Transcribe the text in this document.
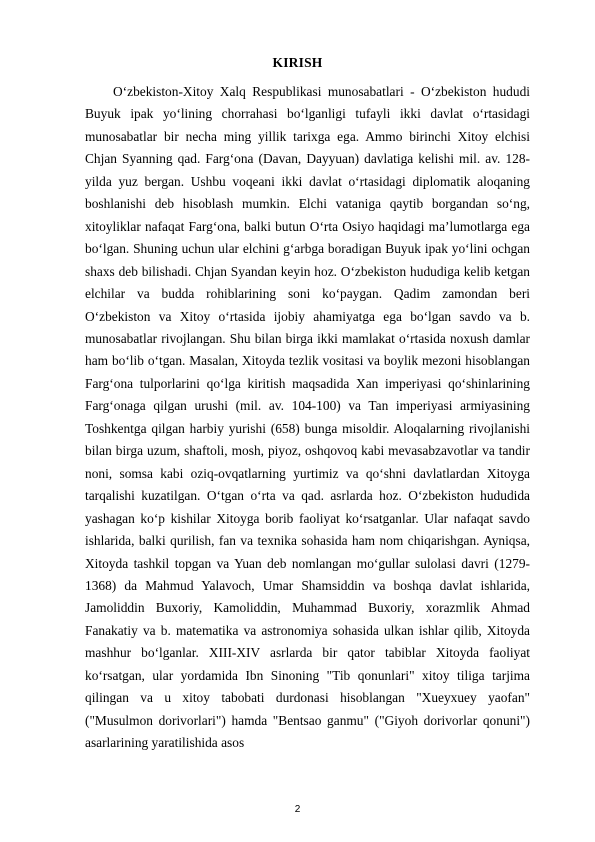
KIRISH

O‘zbekiston-Xitoy Xalq Respublikasi munosabatlari - O‘zbekiston hududi Buyuk ipak yo‘lining chorrahasi bo‘lganligi tufayli ikki davlat o‘rtasidagi munosabatlar bir necha ming yillik tarixga ega. Ammo birinchi Xitoy elchisi Chjan Syanning qad. Farg‘ona (Davan, Dayyuan) davlatiga kelishi mil. av. 128-yilda yuz bergan. Ushbu voqeani ikki davlat o‘rtasidagi diplomatik aloqaning boshlanishi deb hisoblash mumkin. Elchi vataniga qaytib borgandan so‘ng, xitoyliklar nafaqat Farg‘ona, balki butun O‘rta Osiyo haqidagi ma’lumotlarga ega bo‘lgan. Shuning uchun ular elchini g‘arbga boradigan Buyuk ipak yo‘lini ochgan shaxs deb bilishadi. Chjan Syandan keyin hoz. O‘zbekiston hududiga kelib ketgan elchilar va budda rohiblarining soni ko‘paygan. Qadim zamondan beri O‘zbekiston va Xitoy o‘rtasida ijobiy ahamiyatga ega bo‘lgan savdo va b. munosabatlar rivojlangan. Shu bilan birga ikki mamlakat o‘rtasida noxush damlar ham bo‘lib o‘tgan. Masalan, Xitoyda tezlik vositasi va boylik mezoni hisoblangan Farg‘ona tulporlarini qo‘lga kiritish maqsadida Xan imperiyasi qo‘shinlarining Farg‘onaga qilgan urushi (mil. av. 104-100) va Tan imperiyasi armiyasining Toshkentga qilgan harbiy yurishi (658) bunga misoldir. Aloqalarning rivojlanishi bilan birga uzum, shaftoli, mosh, piyoz, oshqovoq kabi mevasabzavotlar va tandir noni, somsa kabi oziq-ovqatlarning yurtimiz va qo‘shni davlatlardan Xitoyga tarqalishi kuzatilgan. O‘tgan o‘rta va qad. asrlarda hoz. O‘zbekiston hududida yashagan ko‘p kishilar Xitoyga borib faoliyat ko‘rsatganlar. Ular nafaqat savdo ishlarida, balki qurilish, fan va texnika sohasida ham nom chiqarishgan. Ayniqsa, Xitoyda tashkil topgan va Yuan deb nomlangan mo‘gullar sulolasi davri (1279-1368) da Mahmud Yalavoch, Umar Shamsiddin va boshqa davlat ishlarida, Jamoliddin Buxoriy, Kamoliddin, Muhammad Buxoriy, xorazmlik Ahmad Fanakatiy va b. matematika va astronomiya sohasida ulkan ishlar qilib, Xitoyda mashhur bo‘lganlar. XIII-XIV asrlarda bir qator tabiblar Xitoyda faoliyat ko‘rsatgan, ular yordamida Ibn Sinoning "Tib qonunlari" xitoy tiliga tarjima qilingan va u xitoy tabobati durdonasi hisoblangan "Xueyxuey yaofan" ("Musulmon dorivorlari") hamda "Bentsao ganmu" ("Giyoh dorivorlar qonuni") asarlarining yaratilishida asos

2
